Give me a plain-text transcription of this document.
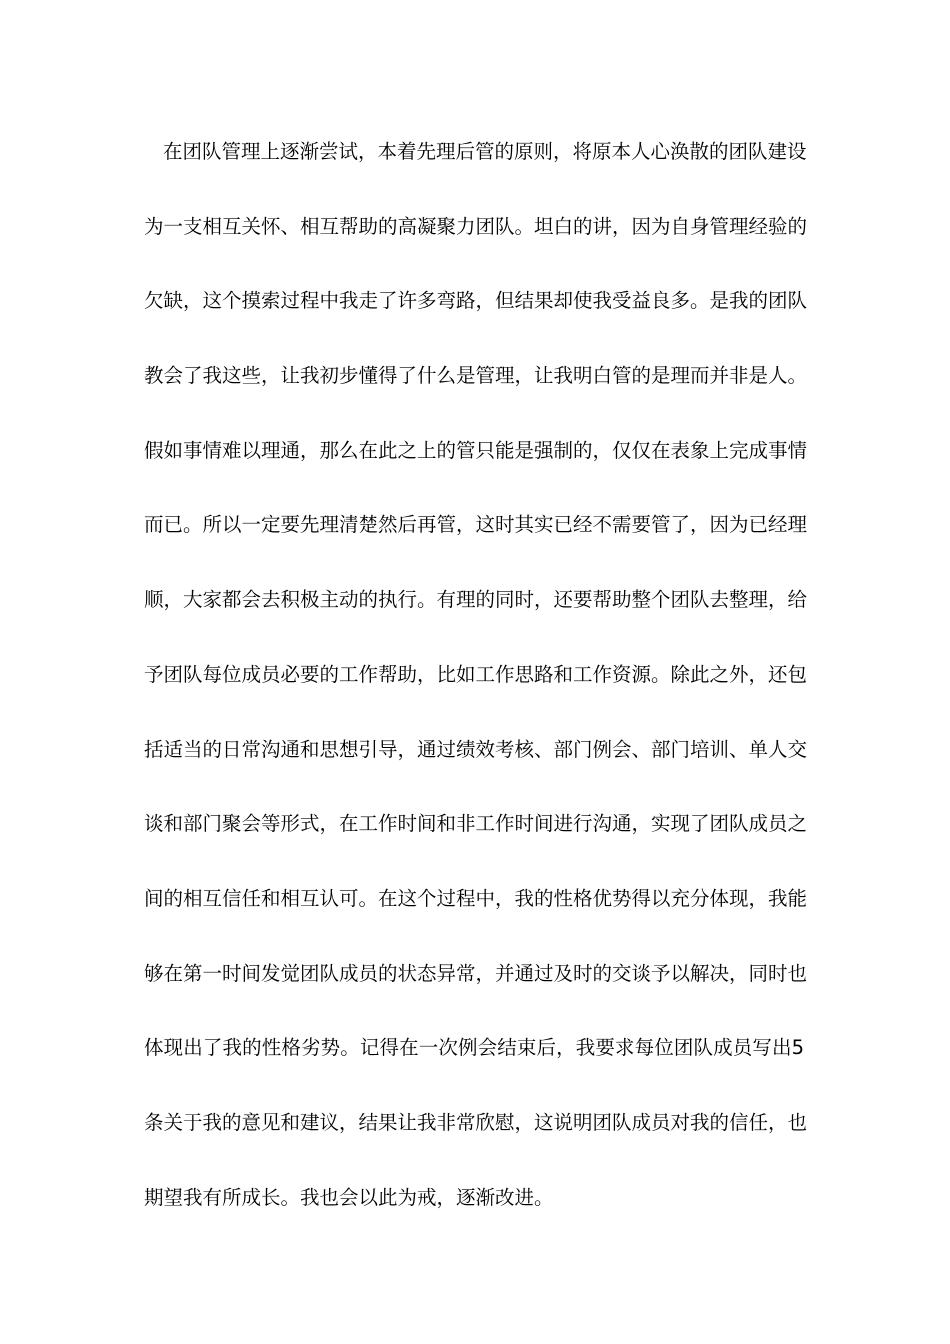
在团队管理上逐渐尝试，本着先理后管的原则，将原本人心涣散的团队建设
为一支相互关怀、相互帮助的高凝聚力团队。坦白的讲，因为自身管理经验的
欠缺，这个摸索过程中我走了许多弯路，但结果却使我受益良多。是我的团队
教会了我这些，让我初步懂得了什么是管理，让我明白管的是理而并非是人。
假如事情难以理通，那么在此之上的管只能是强制的，仅仅在表象上完成事情
而已。所以一定要先理清楚然后再管，这时其实已经不需要管了，因为已经理
顺，大家都会去积极主动的执行。有理的同时，还要帮助整个团队去整理，给
予团队每位成员必要的工作帮助，比如工作思路和工作资源。除此之外，还包
括适当的日常沟通和思想引导，通过绩效考核、部门例会、部门培训、单人交
谈和部门聚会等形式，在工作时间和非工作时间进行沟通，实现了团队成员之
间的相互信任和相互认可。在这个过程中，我的性格优势得以充分体现，我能
够在第一时间发觉团队成员的状态异常，并通过及时的交谈予以解决，同时也
体现出了我的性格劣势。记得在一次例会结束后，我要求每位团队成员写出5
条关于我的意见和建议，结果让我非常欣慰，这说明团队成员对我的信任，也
期望我有所成长。我也会以此为戒，逐渐改进。
